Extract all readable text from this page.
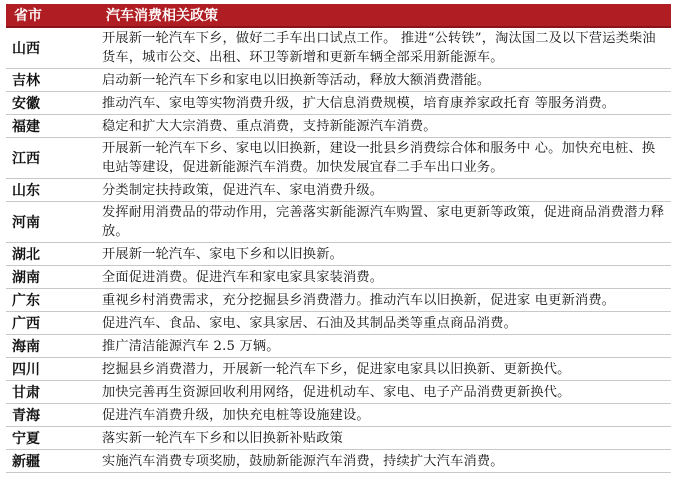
省市	汽车消费相关政策
山西	开展新一轮汽车下乡，做好二手车出口试点工作。 推进“公转铁”，淘汰国二及以下营运类柴油货车，城市公交、出租、环卫等新增和更新车辆全部采用新能源车。
吉林	启动新一轮汽车下乡和家电以旧换新等活动，释放大额消费潜能。
安徽	推动汽车、家电等实物消费升级，扩大信息消费规模，培育康养家政托育 等服务消费。
福建	稳定和扩大大宗消费、重点消费，支持新能源汽车消费。
江西	开展新一轮汽车下乡、家电以旧换新，建设一批县乡消费综合体和服务中 心。加快充电桩、换电站等建设，促进新能源汽车消费。加快发展宜春二手车出口业务。
山东	分类制定扶持政策，促进汽车、家电消费升级。
河南	发挥耐用消费品的带动作用，完善落实新能源汽车购置、家电更新等政策，促进商品消费潜力释放。
湖北	开展新一轮汽车、家电下乡和以旧换新。
湖南	全面促进消费。促进汽车和家电家具家装消费。
广东	重视乡村消费需求，充分挖掘县乡消费潜力。推动汽车以旧换新，促进家 电更新消费。
广西	促进汽车、食品、家电、家具家居、石油及其制品类等重点商品消费。
海南	推广清洁能源汽车 2.5 万辆。
四川	挖掘县乡消费潜力，开展新一轮汽车下乡，促进家电家具以旧换新、更新换代。
甘肃	加快完善再生资源回收利用网络，促进机动车、家电、电子产品消费更新换代。
青海	促进汽车消费升级，加快充电桩等设施建设。
宁夏	落实新一轮汽车下乡和以旧换新补贴政策
新疆	实施汽车消费专项奖励，鼓励新能源汽车消费，持续扩大汽车消费。
